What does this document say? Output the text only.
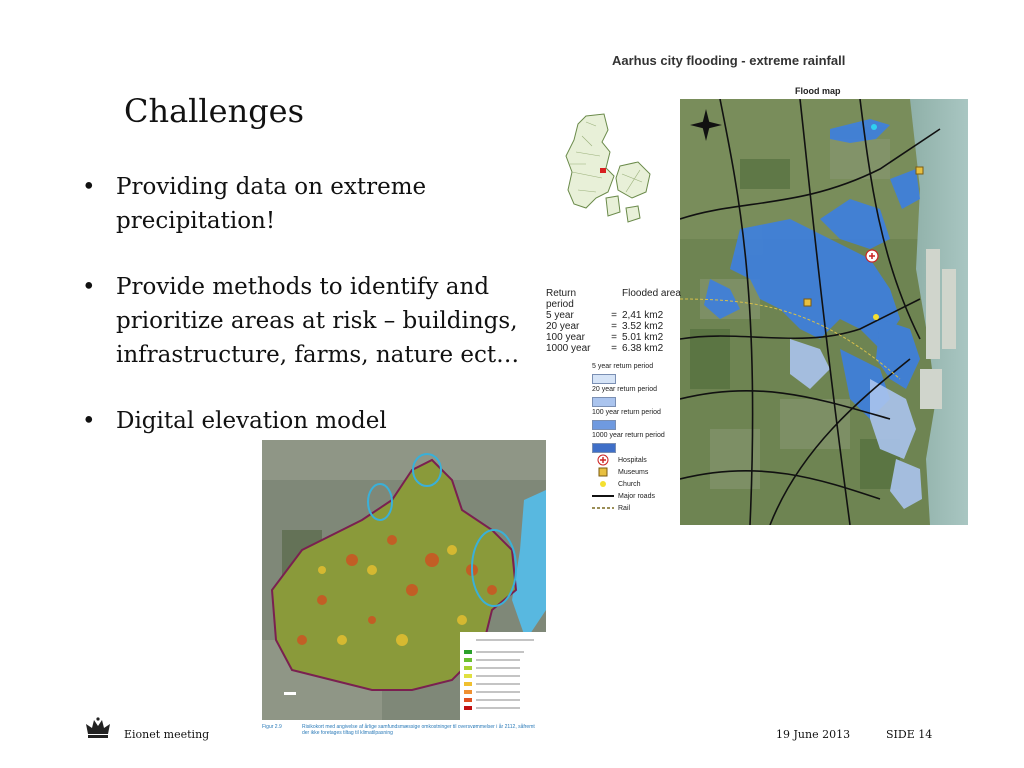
Challenges
• Providing data on extreme precipitation!
• Provide methods to identify and prioritize areas at risk – buildings, infrastructure, farms, nature ect…
• Digital elevation model
Aarhus city flooding - extreme rainfall
Flood map
Return period
Flooded area
5 year	= 2,41 km2
20 year	= 3.52 km2
100 year	= 5.01 km2
1000 year	= 6.38 km2
5 year return period
20 year return period
100 year return period
1000 year return period
Hospitals
Museums
Church
Major roads
Rail
Figur 2.9	Risikokort med angivelse af årlige samfundsmæssige omkostninger til oversvømmelser i år 2112, såfremt der ikke foretages tiltag til klimatilpasning
Eionet meeting	19 June 2013	SIDE 14
